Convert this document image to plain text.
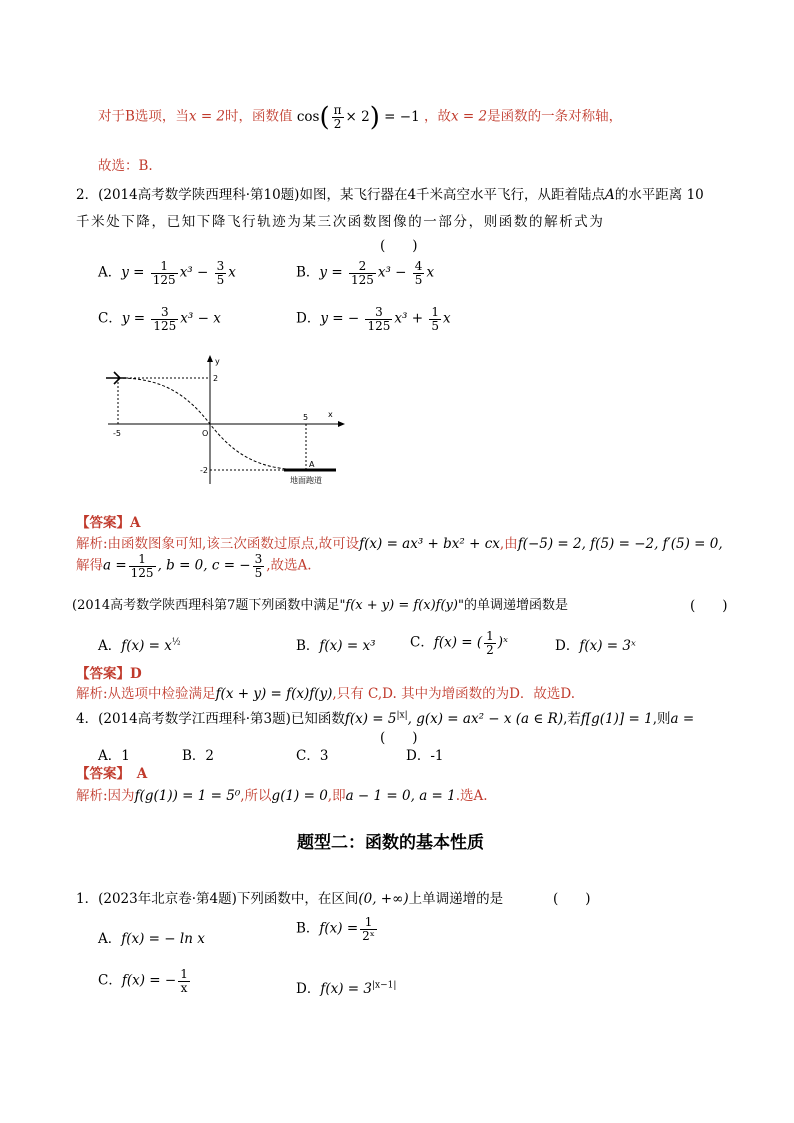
对于B选项，当x = 2时，函数值 $\cos( \frac{\pi}{2} \times 2) = -1$ ，故x = 2是函数的一条对称轴，
故选：B.
2．(2014高考数学陕西理科·第10题)如图，某飞行器在4千米高空水平飞行，从距着陆点A的水平距离 10
千米处下降，已知下降飞行轨迹为某三次函数图像的一部分，则函数的解析式为
(　　)
A．$y = \frac{1}{125} x^3 - \frac{3}{5}$ x	B．$y = \frac{2}{125} x^3 - \frac{4}{5}$ x
C．$y = \frac{3}{125} x^3 - x$	D．y = − $\frac{3}{125} x^3 + \frac{1}{5}$ x
y
x
2
-5	O
5
-2
A
地面跑道
【答案】A
解析:由函数图象可知,该三次函数过原点,故可设f(x) = ax³ + bx² + cx,由f(−5) = 2, f(5) = −2, f′(5) = 0,
解得$a = \frac{1}{125}$ , b = 0, c = − $\frac{3}{5}$ ,故选A.
(2014高考数学陕西理科第7题下列函数中满足"f(x + y) = f(x)f(y)"的单调递增函数是	(　　)
A．$f(x) = x^{\frac{1}{2}}$	B．f(x) = x³	C．f(x) = ( $\frac{1}{2}$ )ˣ	D．f(x) = 3ˣ
【答案】D
解析:从选项中检验满足f(x + y) = f(x)f(y),只有 C,D. 其中为增函数的为D．故选D.
4．(2014高考数学江西理科·第3题)已知函数$f(x) = 5^{|x|}$, g(x) = ax² − x (a ∈ R),若f[g(1)] = 1,则a =
(　　)
A．1	B．2	C．3	D．-1
【答案】　A
解析:因为f(g(1)) = 1 = 5⁰,所以g(1) = 0,即a − 1 = 0, a = 1.选A.
题型二：函数的基本性质
1．(2023年北京卷·第4题)下列函数中，在区间(0, +∞)上单调递增的是	(　　)
A．f(x) = − ln x
B．$f(x) = \frac{1}{\text{2ˣ}}$
C．f(x) = − $\frac{1}{x}$	D．$f(x) = 3^{|x-1|}$
